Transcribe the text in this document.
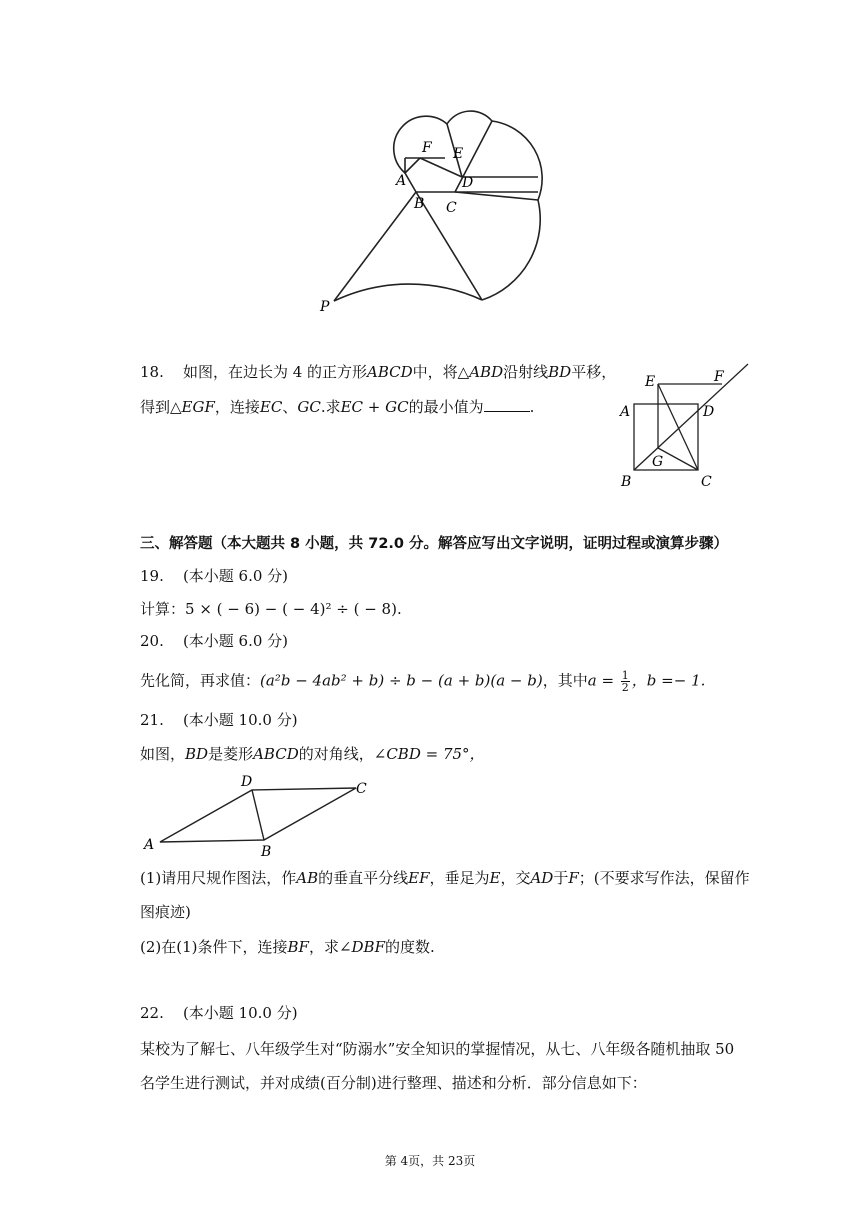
F E
A	D
B C
P
18. 如图，在边长为 4 的正方形ABCD中，将△ABD沿射线BD平移，
得到△EGF，连接EC、GC.求EC + GC的最小值为	.
E	F
A	D
G
B	C
三、解答题（本大题共 8 小题，共 72.0 分。解答应写出文字说明，证明过程或演算步骤）
19. (本小题 6.0 分)
计算：5 × ( − 6) − ( − 4)² ÷ ( − 8).
20. (本小题 6.0 分)
先化简，再求值：(a²b − 4ab² + b) ÷ b − (a + b)(a − b)，其中$a = \frac{1}{2}$ ，b =− 1.
21. (本小题 10.0 分)
如图，BD是菱形ABCD的对角线，∠CBD = 75°，
D	C
A	B
(1)请用尺规作图法，作AB的垂直平分线EF，垂足为E，交AD于F；(不要求写作法，保留作
图痕迹)
(2)在(1)条件下，连接BF，求∠DBF的度数.
22. (本小题 10.0 分)
某校为了解七、八年级学生对“防溺水”安全知识的掌握情况，从七、八年级各随机抽取 50
名学生进行测试，并对成绩(百分制)进行整理、描述和分析．部分信息如下：
第 4页，共 23页
